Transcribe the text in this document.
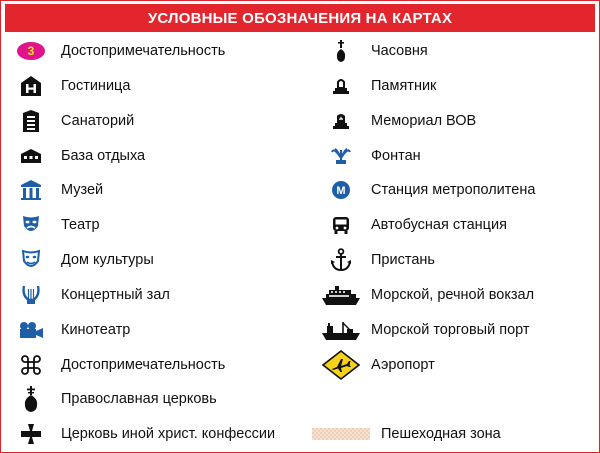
УСЛОВНЫЕ ОБОЗНАЧЕНИЯ НА КАРТАХ
3 Достопримечательность
Гостиница
Санаторий
База отдыха
Музей
Театр
Дом культуры
Концертный зал
Кинотеатр
Достопримечательность
Православная церковь
Церковь иной христ. конфессии
Часовня
Памятник
Мемориал ВОВ
Фонтан
М Станция метрополитена
Автобусная станция
Пристань
Морской, речной вокзал
Морской торговый порт
Аэропорт
Пешеходная зона
